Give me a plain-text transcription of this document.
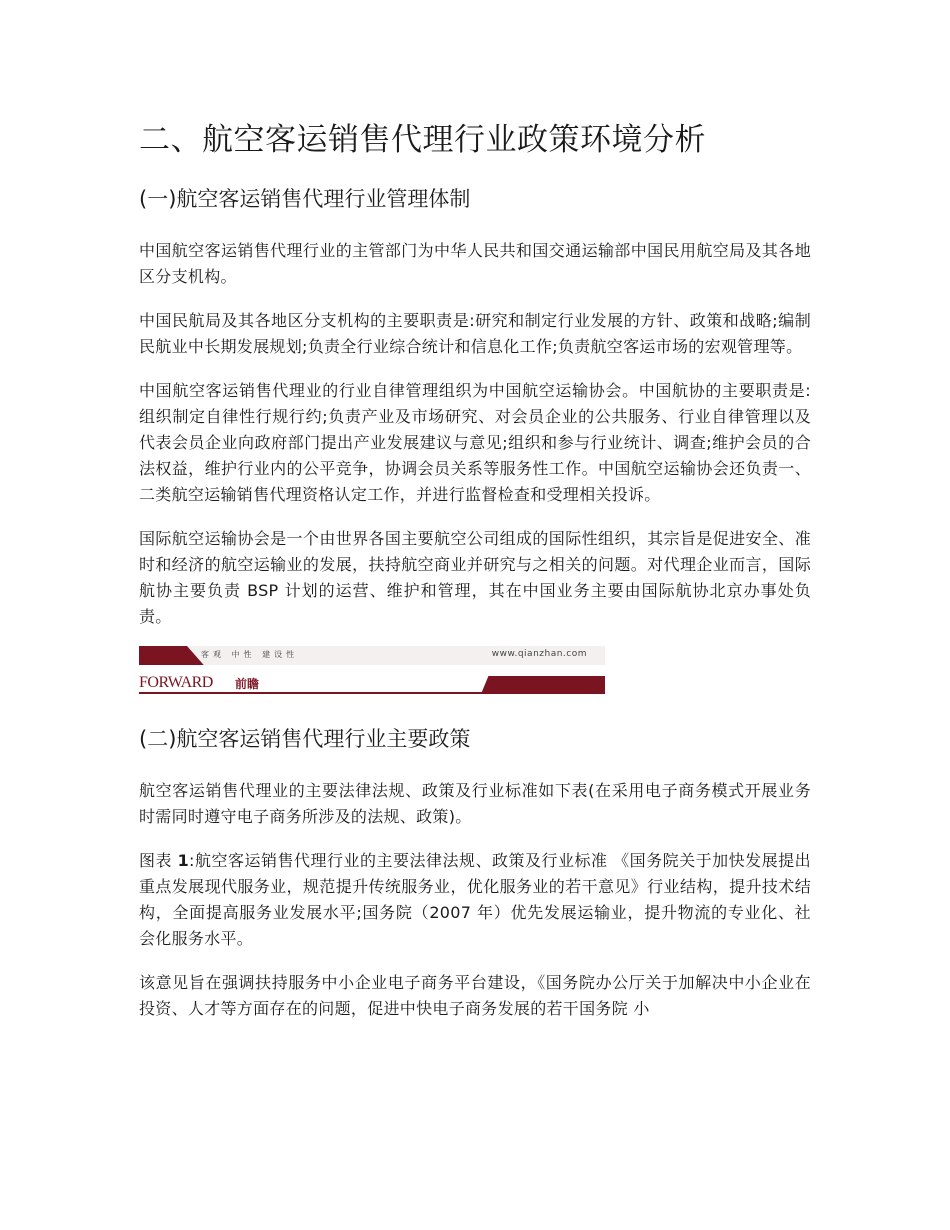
二、航空客运销售代理行业政策环境分析
(一)航空客运销售代理行业管理体制

中国航空客运销售代理行业的主管部门为中华人民共和国交通运输部中国民用航空局及其各地区分支机构。

中国民航局及其各地区分支机构的主要职责是:研究和制定行业发展的方针、政策和战略;编制民航业中长期发展规划;负责全行业综合统计和信息化工作;负责航空客运市场的宏观管理等。

中国航空客运销售代理业的行业自律管理组织为中国航空运输协会。中国航协的主要职责是:组织制定自律性行规行约;负责产业及市场研究、对会员企业的公共服务、行业自律管理以及代表会员企业向政府部门提出产业发展建议与意见;组织和参与行业统计、调查;维护会员的合法权益，维护行业内的公平竞争，协调会员关系等服务性工作。中国航空运输协会还负责一、二类航空运输销售代理资格认定工作，并进行监督检查和受理相关投诉。

国际航空运输协会是一个由世界各国主要航空公司组成的国际性组织，其宗旨是促进安全、准时和经济的航空运输业的发展，扶持航空商业并研究与之相关的问题。对代理企业而言，国际航协主要负责 BSP 计划的运营、维护和管理，其在中国业务主要由国际航协北京办事处负责。

客观 中性 建设性	www.qianzhan.com
FORWARD 前瞻
(二)航空客运销售代理行业主要政策

航空客运销售代理业的主要法律法规、政策及行业标准如下表(在采用电子商务模式开展业务时需同时遵守电子商务所涉及的法规、政策)。

图表 1:航空客运销售代理行业的主要法律法规、政策及行业标准 《国务院关于加快发展提出重点发展现代服务业，规范提升传统服务业，优化服务业的若干意见》行业结构，提升技术结构，全面提高服务业发展水平;国务院（2007 年）优先发展运输业，提升物流的专业化、社会化服务水平。

该意见旨在强调扶持服务中小企业电子商务平台建设，《国务院办公厅关于加解决中小企业在投资、人才等方面存在的问题，促进中快电子商务发展的若干国务院 小
